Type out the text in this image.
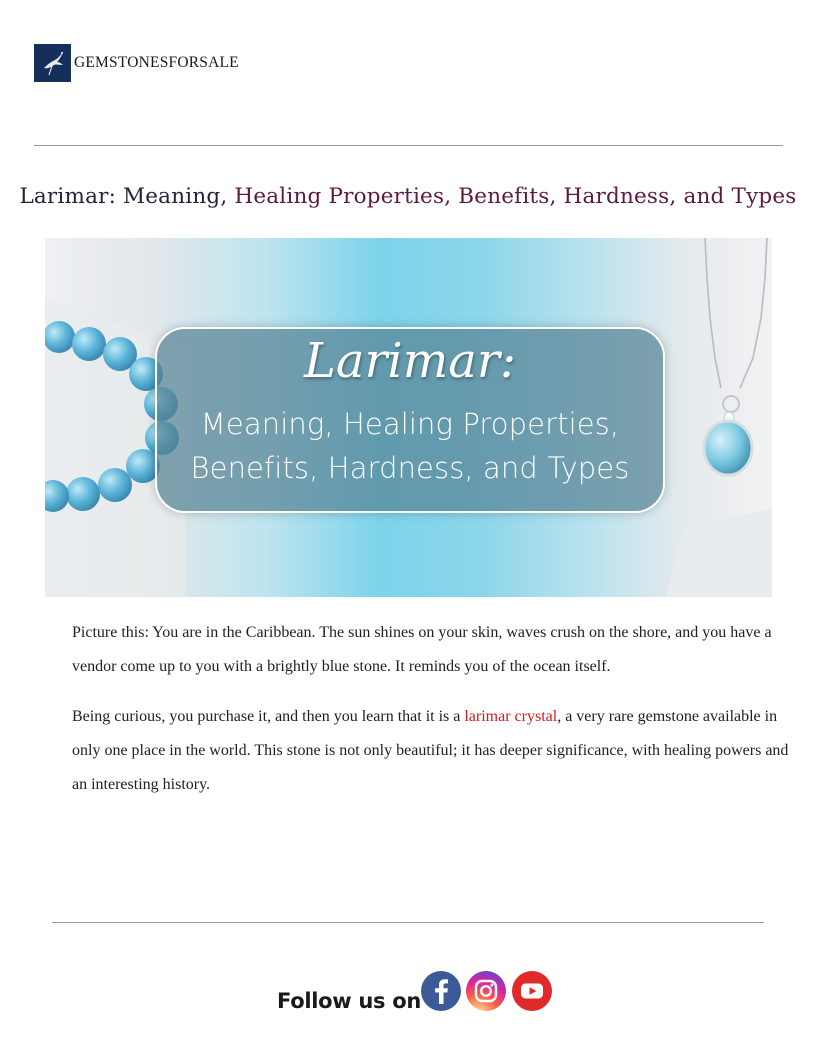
GEMSTONESFORSALE
Larimar: Meaning, Healing Properties, Benefits, Hardness, and Types
Larimar:
Meaning, Healing Properties,
Benefits, Hardness, and Types

Picture this: You are in the Caribbean. The sun shines on your skin, waves crush on the shore, and you have a vendor come up to you with a brightly blue stone. It reminds you of the ocean itself.

Being curious, you purchase it, and then you learn that it is a larimar crystal, a very rare gemstone available in only one place in the world. This stone is not only beautiful; it has deeper significance, with healing powers and an interesting history.

Follow us on
